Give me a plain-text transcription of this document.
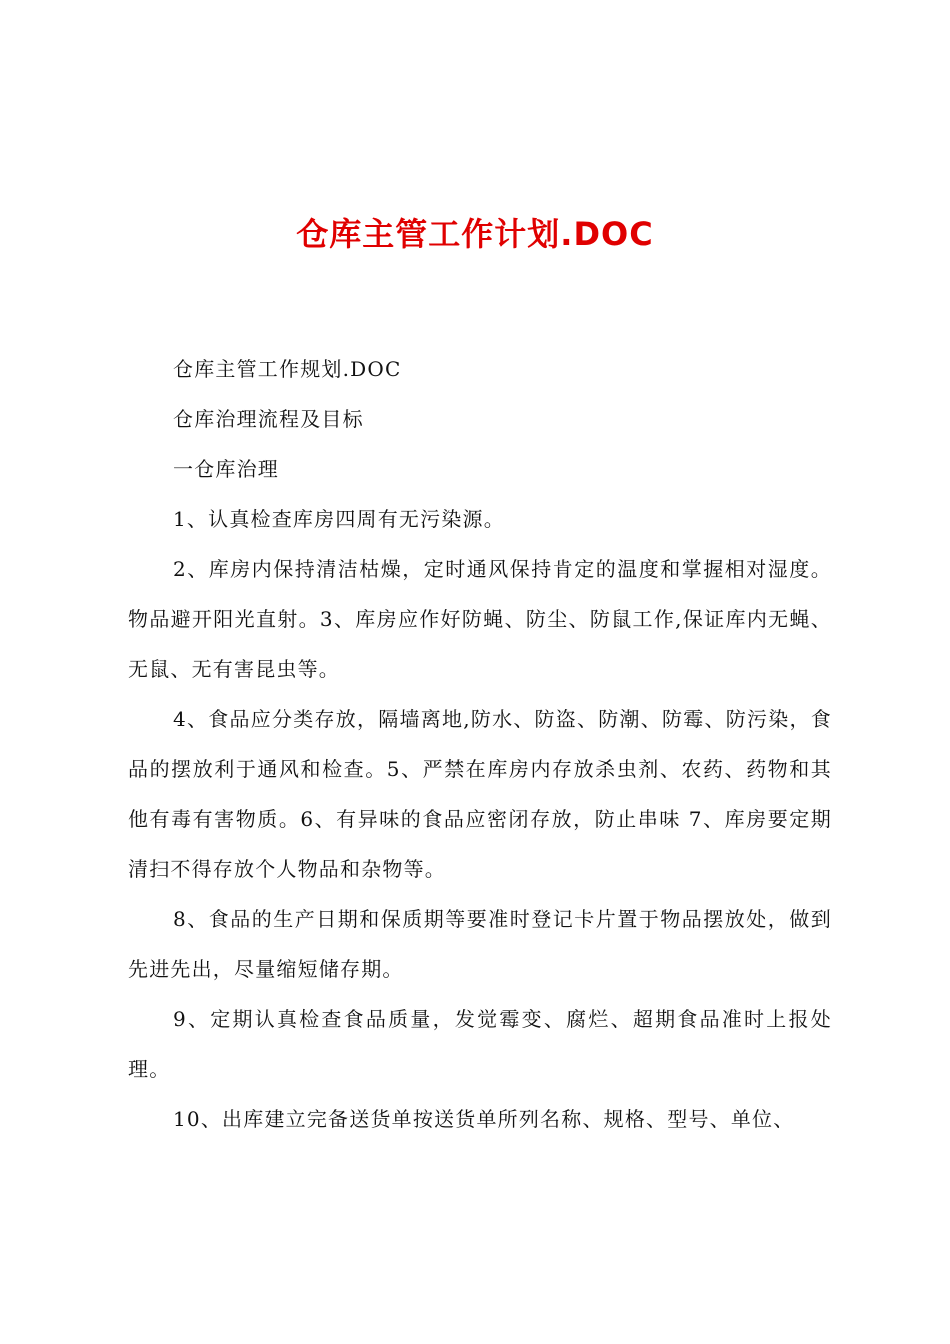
仓库主管工作计划.DOC

仓库主管工作规划.DOC

仓库治理流程及目标

一仓库治理

1、认真检查库房四周有无污染源。

2、库房内保持清洁枯燥，定时通风保持肯定的温度和掌握相对湿度。物品避开阳光直射。3、库房应作好防蝇、防尘、防鼠工作,保证库内无蝇、无鼠、无有害昆虫等。

4、食品应分类存放，隔墙离地,防水、防盗、防潮、防霉、防污染，食品的摆放利于通风和检查。5、严禁在库房内存放杀虫剂、农药、药物和其他有毒有害物质。6、有异味的食品应密闭存放，防止串味 7、库房要定期清扫不得存放个人物品和杂物等。

8、食品的生产日期和保质期等要准时登记卡片置于物品摆放处，做到先进先出，尽量缩短储存期。

9、定期认真检查食品质量，发觉霉变、腐烂、超期食品准时上报处理。

10、出库建立完备送货单按送货单所列名称、规格、型号、单位、
